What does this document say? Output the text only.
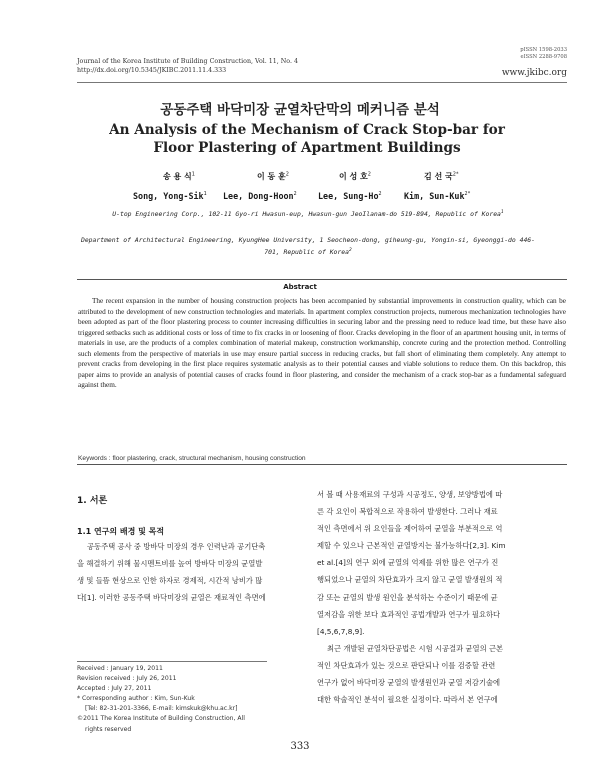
Journal of the Korea Institute of Building Construction, Vol. 11, No. 4
http://dx.doi.org/10.5345/JKIBC.2011.11.4.333
pISSN 1598-2033
eISSN 2288-9708
www.jkibc.org
공동주택 바닥미장 균열차단막의 메커니즘 분석
An Analysis of the Mechanism of Crack Stop-bar for Floor Plastering of Apartment Buildings
송 용 식$^1$	이 동 훈$^2$	이 성 호$^2$	김 선 국$^{2*}$
Song, Yong-Sik$^1$ Lee, Dong-Hoon$^2$	Lee, Sung-Ho$^2$	Kim, Sun-Kuk$^{2*}$
U-top Engineering Corp., 102-11 Gyo-ri Hwasun-eup, Hwasun-gun JeoIlanam-do 519-894, Republic of Korea$^1$
Department of Architectural Engineering, KyungHee University, 1 Seocheon-dong, giheung-gu, Yongin-si, Gyeonggi-do 446-701, Republic of Korea$^2$
Abstract

The recent expansion in the number of housing construction projects has been accompanied by substantial improvements in construction quality, which can be attributed to the development of new construction technologies and materials. In apartment complex construction projects, numerous mechanization technologies have been adopted as part of the floor plastering process to counter increasing difficulties in securing labor and the pressing need to reduce lead time, but these have also triggered setbacks such as additional costs or loss of time to fix cracks in or loosening of floor. Cracks developing in the floor of an apartment housing unit, in terms of materials in use, are the products of a complex combination of material makeup, construction workmanship, concrete curing and the protection method. Controlling such elements from the perspective of materials in use may ensure partial success in reducing cracks, but fall short of eliminating them completely. Any attempt to prevent cracks from developing in the first place requires systematic analysis as to their potential causes and viable solutions to reduce them. On this backdrop, this paper aims to provide an analysis of potential causes of cracks found in floor plastering, and consider the mechanism of a crack stop-bar as a fundamental safeguard against them.

Keywords : floor plastering, crack, structural mechanism, housing construction
1. 서론
1.1 연구의 배경 및 목적

공동주택 공사 중 방바닥 미장의 경우 인력난과 공기단축

을 해결하기 위해 물시멘트비를 높여 방바닥 미장의 균열발

생 및 들뜸 현상으로 인한 하자로 경제적, 시간적 낭비가 많

다[1]. 이러한 공동주택 바닥미장의 균열은 재료적인 측면에

서 볼 때 사용재료의 구성과 시공정도, 양생, 보양방법에 따

른 각 요인이 복합적으로 작용하여 발생한다. 그러나 재료

적인 측면에서 위 요인들을 제어하여 균열을 부분적으로 억

제할 수 있으나 근본적인 균열방지는 불가능하다[2,3]. Kim

et al.[4]의 연구 외에 균열의 억제를 위한 많은 연구가 진

행되었으나 균열의 차단효과가 크지 않고 균열 발생원의 적

감 또는 균열의 발생 원인을 분석하는 수준이기 때문에 균

열저감을 위한 보다 효과적인 공법개발과 연구가 필요하다

[4,5,6,7,8,9].

최근 개발된 균열차단공법은 시험 시공결과 균열의 근본

적인 차단효과가 있는 것으로 판단되나 이를 검증할 관련

연구가 없어 바닥미장 균열의 발생원인과 균열 저감기술에

대한 학술적인 분석이 필요한 실정이다. 따라서 본 연구에

Received : January 19, 2011

Revision received : July 26, 2011

Accepted : July 27, 2011

* Corresponding author : Kim, Sun-Kuk

[Tel: 82-31-201-3366, E-mail: kimskuk@khu.ac.kr]

©2011 The Korea Institute of Building Construction, All

rights reserved

333
